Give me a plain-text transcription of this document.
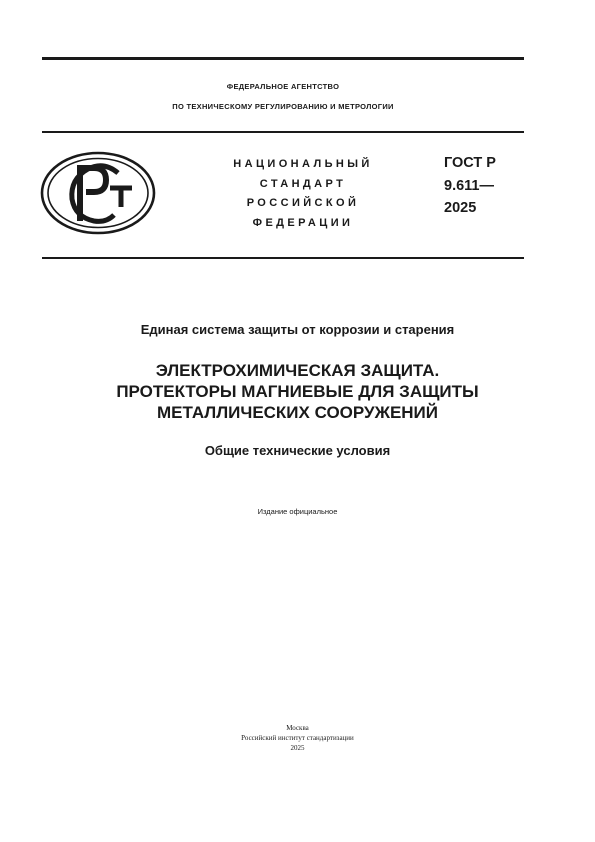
ФЕДЕРАЛЬНОЕ АГЕНТСТВО
ПО ТЕХНИЧЕСКОМУ РЕГУЛИРОВАНИЮ И МЕТРОЛОГИИ
НАЦИОНАЛЬНЫЙ
СТАНДАРТ
РОССИЙСКОЙ
ФЕДЕРАЦИИ
ГОСТ Р
9.611—
2025
Единая система защиты от коррозии и старения
ЭЛЕКТРОХИМИЧЕСКАЯ ЗАЩИТА.
ПРОТЕКТОРЫ МАГНИЕВЫЕ ДЛЯ ЗАЩИТЫ
МЕТАЛЛИЧЕСКИХ СООРУЖЕНИЙ
Общие технические условия
Издание официальное
Москва
Российский институт стандартизации
2025
